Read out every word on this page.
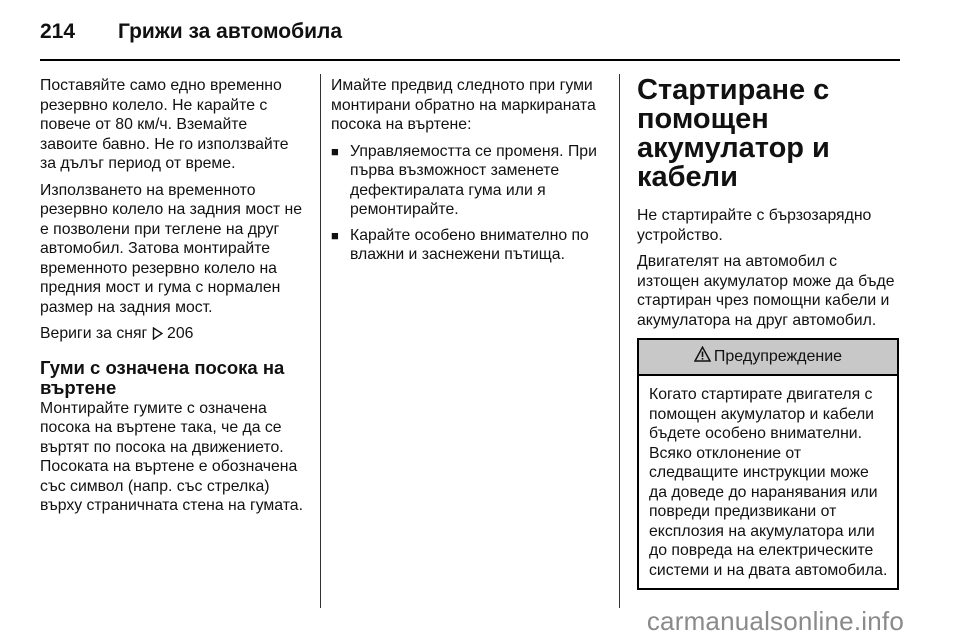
214	Грижи за автомобила

Поставяйте само едно временно резервно колело. Не карайте с повече от 80 км/ч. Вземайте завоите бавно. Не го използвайте за дълъг период от време.

Използването на временното резервно колело на задния мост не е позволени при теглене на друг автомобил. Затова монтирайте временното резервно колело на предния мост и гума с нормален размер на задния мост.

Вериги за сняг 206

Гуми с означена посока на въртене

Монтирайте гумите с означена посока на въртене така, че да се въртят по посока на движението. Посоката на въртене е обозначена със символ (напр. със стрелка) върху страничната стена на гумата.

Имайте предвид следното при гуми монтирани обратно на маркираната посока на въртене:

■ Управляемостта се променя. При първа възможност заменете дефектиралата гума или я ремонтирайте.
■ Карайте особено внимателно по влажни и заснежени пътища.
Стартиране с помощен акумулатор и кабели

Не стартирайте с бързозарядно устройство.

Двигателят на автомобил с изтощен акумулатор може да бъде стартиран чрез помощни кабели и акумулатора на друг автомобил.

Предупреждение
Когато стартирате двигателя с помощен акумулатор и кабели бъдете особено внимателни. Всяко отклонение от следващите инструкции може да доведе до наранявания или повреди предизвикани от експлозия на акумулатора или до повреда на електрическите системи и на двата автомобила.
carmanualsonline.info
